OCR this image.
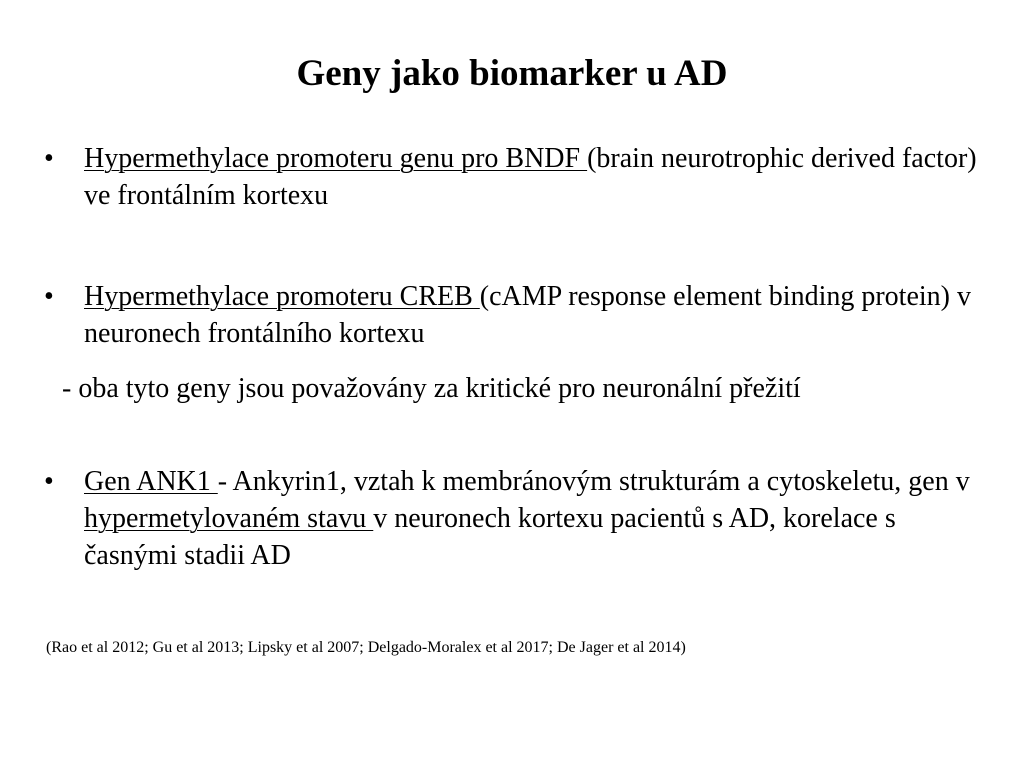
Geny jako biomarker u AD
•	Hypermethylace promoteru genu pro BNDF (brain neurotrophic derived factor) ve frontálním kortexu
•	Hypermethylace promoteru CREB (cAMP response element binding protein) v neuronech frontálního kortexu
- oba tyto geny jsou považovány za kritické pro neuronální přežití
•	Gen ANK1 - Ankyrin1, vztah k membránovým strukturám a cytoskeletu, gen v hypermetylovaném stavu v neuronech kortexu pacientů s AD, korelace s časnými stadii AD
(Rao et al 2012; Gu et al 2013; Lipsky et al 2007; Delgado-Moralex et al 2017; De Jager et al 2014)
